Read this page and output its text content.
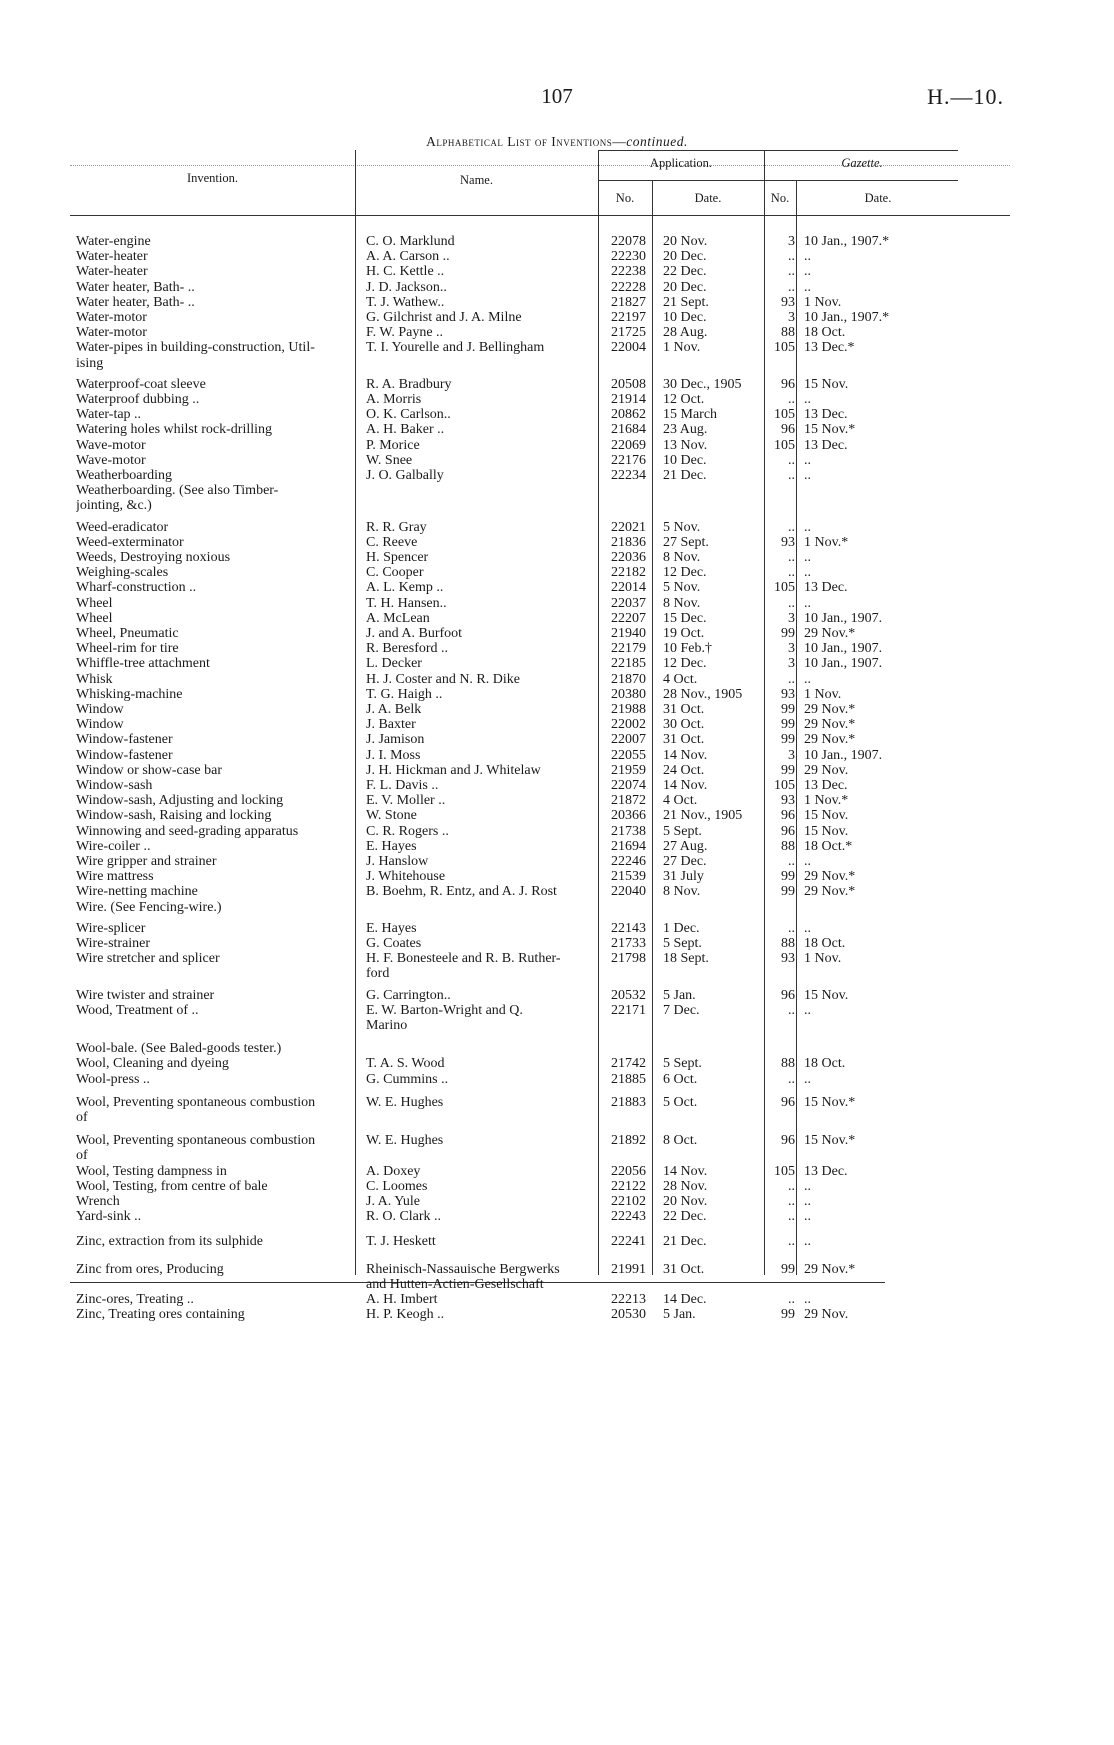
107	H.—10.
Alphabetical List of Inventions—continued.
Invention.	Name.
Application.
No.	Date.
Gazette.
No.	Date.
Water-engine	C. O. Marklund	22078 20 Nov.	3 10 Jan., 1907.*
Water-heater	A. A. Carson ..	22230 20 Dec.	.. ..
Water-heater	H. C. Kettle ..	22238 22 Dec.	.. ..
Water heater, Bath- ..	J. D. Jackson..	22228 20 Dec.	.. ..
Water heater, Bath- ..	T. J. Wathew..	21827 21 Sept.	93 1 Nov.
Water-motor	G. Gilchrist and J. A. Milne	22197 10 Dec.	3 10 Jan., 1907.*
Water-motor	F. W. Payne ..	21725 28 Aug.	88 18 Oct.
Water-pipes in building-construction, Util-	T. I. Yourelle and J. Bellingham	22004 1 Nov.	105 13 Dec.*
ising
Waterproof-coat sleeve	R. A. Bradbury	20508 30 Dec., 1905	96 15 Nov.
Waterproof dubbing ..	A. Morris	21914 12 Oct.	.. ..
Water-tap ..	O. K. Carlson..	20862 15 March	105 13 Dec.
Watering holes whilst rock-drilling	A. H. Baker ..	21684 23 Aug.	96 15 Nov.*
Wave-motor	P. Morice	22069 13 Nov.	105 13 Dec.
Wave-motor	W. Snee	22176 10 Dec.	.. ..
Weatherboarding	J. O. Galbally	22234 21 Dec.	.. ..
Weatherboarding. (See also Timber-
jointing, &c.)
Weed-eradicator	R. R. Gray	22021 5 Nov.	.. ..
Weed-exterminator	C. Reeve	21836 27 Sept.	93 1 Nov.*
Weeds, Destroying noxious	H. Spencer	22036 8 Nov.	.. ..
Weighing-scales	C. Cooper	22182 12 Dec.	.. ..
Wharf-construction ..	A. L. Kemp ..	22014 5 Nov.	105 13 Dec.
Wheel	T. H. Hansen..	22037 8 Nov.	.. ..
Wheel	A. McLean	22207 15 Dec.	3 10 Jan., 1907.
Wheel, Pneumatic	J. and A. Burfoot	21940 19 Oct.	99 29 Nov.*
Wheel-rim for tire	R. Beresford ..	22179 10 Feb.†	3 10 Jan., 1907.
Whiffle-tree attachment	L. Decker	22185 12 Dec.	3 10 Jan., 1907.
Whisk	H. J. Coster and N. R. Dike	21870 4 Oct.	.. ..
Whisking-machine	T. G. Haigh ..	20380 28 Nov., 1905	93 1 Nov.
Window	J. A. Belk	21988 31 Oct.	99 29 Nov.*
Window	J. Baxter	22002 30 Oct.	99 29 Nov.*
Window-fastener	J. Jamison	22007 31 Oct.	99 29 Nov.*
Window-fastener	J. I. Moss	22055 14 Nov.	3 10 Jan., 1907.
Window or show-case bar	J. H. Hickman and J. Whitelaw	21959 24 Oct.	99 29 Nov.
Window-sash	F. L. Davis ..	22074 14 Nov.	105 13 Dec.
Window-sash, Adjusting and locking	E. V. Moller ..	21872 4 Oct.	93 1 Nov.*
Window-sash, Raising and locking	W. Stone	20366 21 Nov., 1905	96 15 Nov.
Winnowing and seed-grading apparatus	C. R. Rogers ..	21738 5 Sept.	96 15 Nov.
Wire-coiler ..	E. Hayes	21694 27 Aug.	88 18 Oct.*
Wire gripper and strainer	J. Hanslow	22246 27 Dec.	.. ..
Wire mattress	J. Whitehouse	21539 31 July	99 29 Nov.*
Wire-netting machine	B. Boehm, R. Entz, and A. J. Rost	22040 8 Nov.	99 29 Nov.*
Wire. (See Fencing-wire.)
Wire-splicer	E. Hayes	22143 1 Dec.	.. ..
Wire-strainer	G. Coates	21733 5 Sept.	88 18 Oct.
Wire stretcher and splicer	H. F. Bonesteele and R. B. Ruther-	21798 18 Sept.	93 1 Nov.
ford
Wire twister and strainer	G. Carrington..	20532 5 Jan.	96 15 Nov.
Wood, Treatment of ..	E. W. Barton-Wright and Q.	22171 7 Dec.	.. ..
Marino
Wool-bale. (See Baled-goods tester.)
Wool, Cleaning and dyeing	T. A. S. Wood	21742 5 Sept.	88 18 Oct.
Wool-press ..	G. Cummins ..	21885 6 Oct.	.. ..
Wool, Preventing spontaneous combustion	W. E. Hughes	21883 5 Oct.	96 15 Nov.*
of
Wool, Preventing spontaneous combustion	W. E. Hughes	21892 8 Oct.	96 15 Nov.*
of
Wool, Testing dampness in	A. Doxey	22056 14 Nov.	105 13 Dec.
Wool, Testing, from centre of bale	C. Loomes	22122 28 Nov.	.. ..
Wrench	J. A. Yule	22102 20 Nov.	.. ..
Yard-sink ..	R. O. Clark ..	22243 22 Dec.	.. ..
Zinc, extraction from its sulphide	T. J. Heskett	22241 21 Dec.	.. ..
Zinc from ores, Producing	Rheinisch-Nassauische Bergwerks	21991 31 Oct.	99 29 Nov.*
and Hutten-Actien-Gesellschaft
Zinc-ores, Treating ..	A. H. Imbert	22213 14 Dec.	.. ..
Zinc, Treating ores containing	H. P. Keogh ..	20530 5 Jan.	99 29 Nov.
